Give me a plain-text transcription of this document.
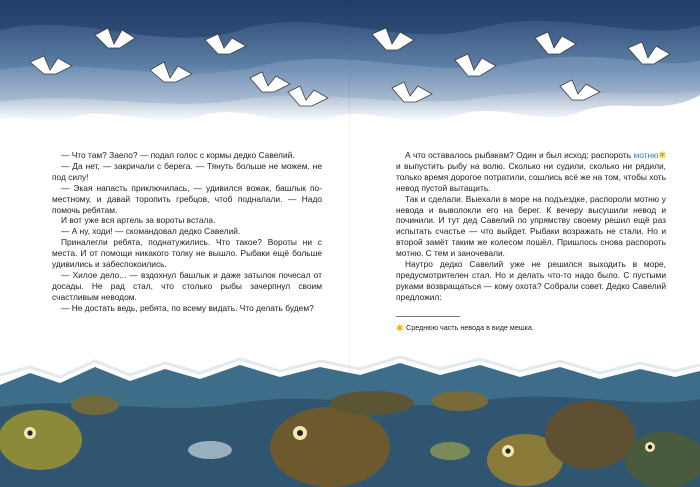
— Что там? Заело? — подал голос с кормы дедко Савелий.

— Да нет, — закричали с берега. — Тянуть больше не можем, не под силу!

— Экая напасть приключилась, — удивился вожак, башлык по-местному, и давай торопить гребцов, чтоб подналали. — Надо помочь ребятам.

И вот уже вся артель за вороты встала.

— А ну, ходи! — скомандовал дедко Савелий.

Приналегли ребята, поднатужились. Что такое? Вороты ни с места. И от помощи никакого толку не вышло. Рыбаки ещё больше удивились и забеспокоились.

— Хилое дело... — вздохнул башлык и даже затылок почесал от досады. Не рад стал, что столько рыбы зачерпнул своим счастливым неводом.

— Не достать ведь, ребята, по всему видать. Что делать будем?

А что оставалось рыбакам? Один и был исход: распороть мотню✱ и выпустить рыбу на волю. Сколько ни судили, сколько ни рядили, только время дорогое потратили, сошлись всё же на том, чтобы хоть невод пустой вытащить.

Так и сделали. Выехали в море на подъездке, распороли мотню у невода и выволокли его на берег. К вечеру высушили невод и починили. И тут дед Савелий по упрямству своему решил ещё раз испытать счастье — что выйдет. Рыбаки возражать не стали. Но и второй замёт таким же колесом пошёл. Пришлось снова распороть мотню. С тем и заночевали.

Наутро дедко Савелий уже не решился выходить в море, предусмотрителен стал. Но и делать что-то надо было. С пустыми руками возвращаться — кому охота? Собрали совет. Дедко Савелий предложил:

✱ Среднюю часть невода в виде мешка.
